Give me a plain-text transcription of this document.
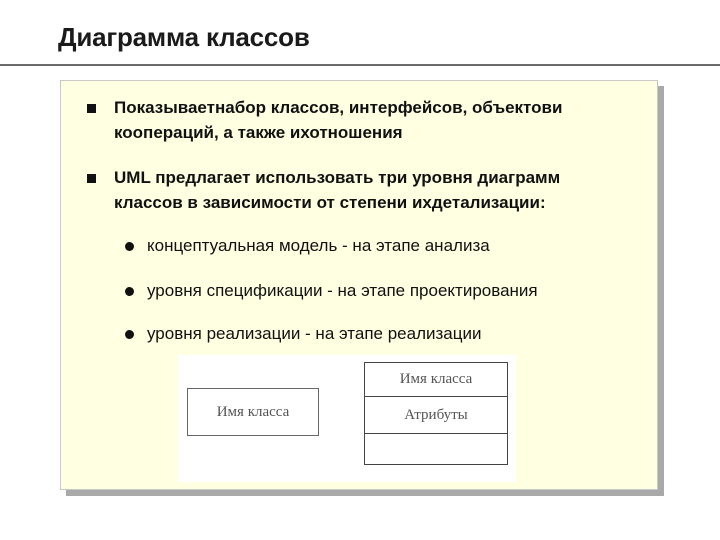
Диаграмма классов
Показываетнабор классов, интерфейсов, объектови
коопераций, а также ихотношения
UML предлагает использовать три уровня диаграмм
классов в зависимости от степени ихдетализации:
концептуальная модель - на этапе анализа
уровня спецификации - на этапе проектирования
уровня реализации - на этапе реализации
Имя класса
Имя класса
Атрибуты
